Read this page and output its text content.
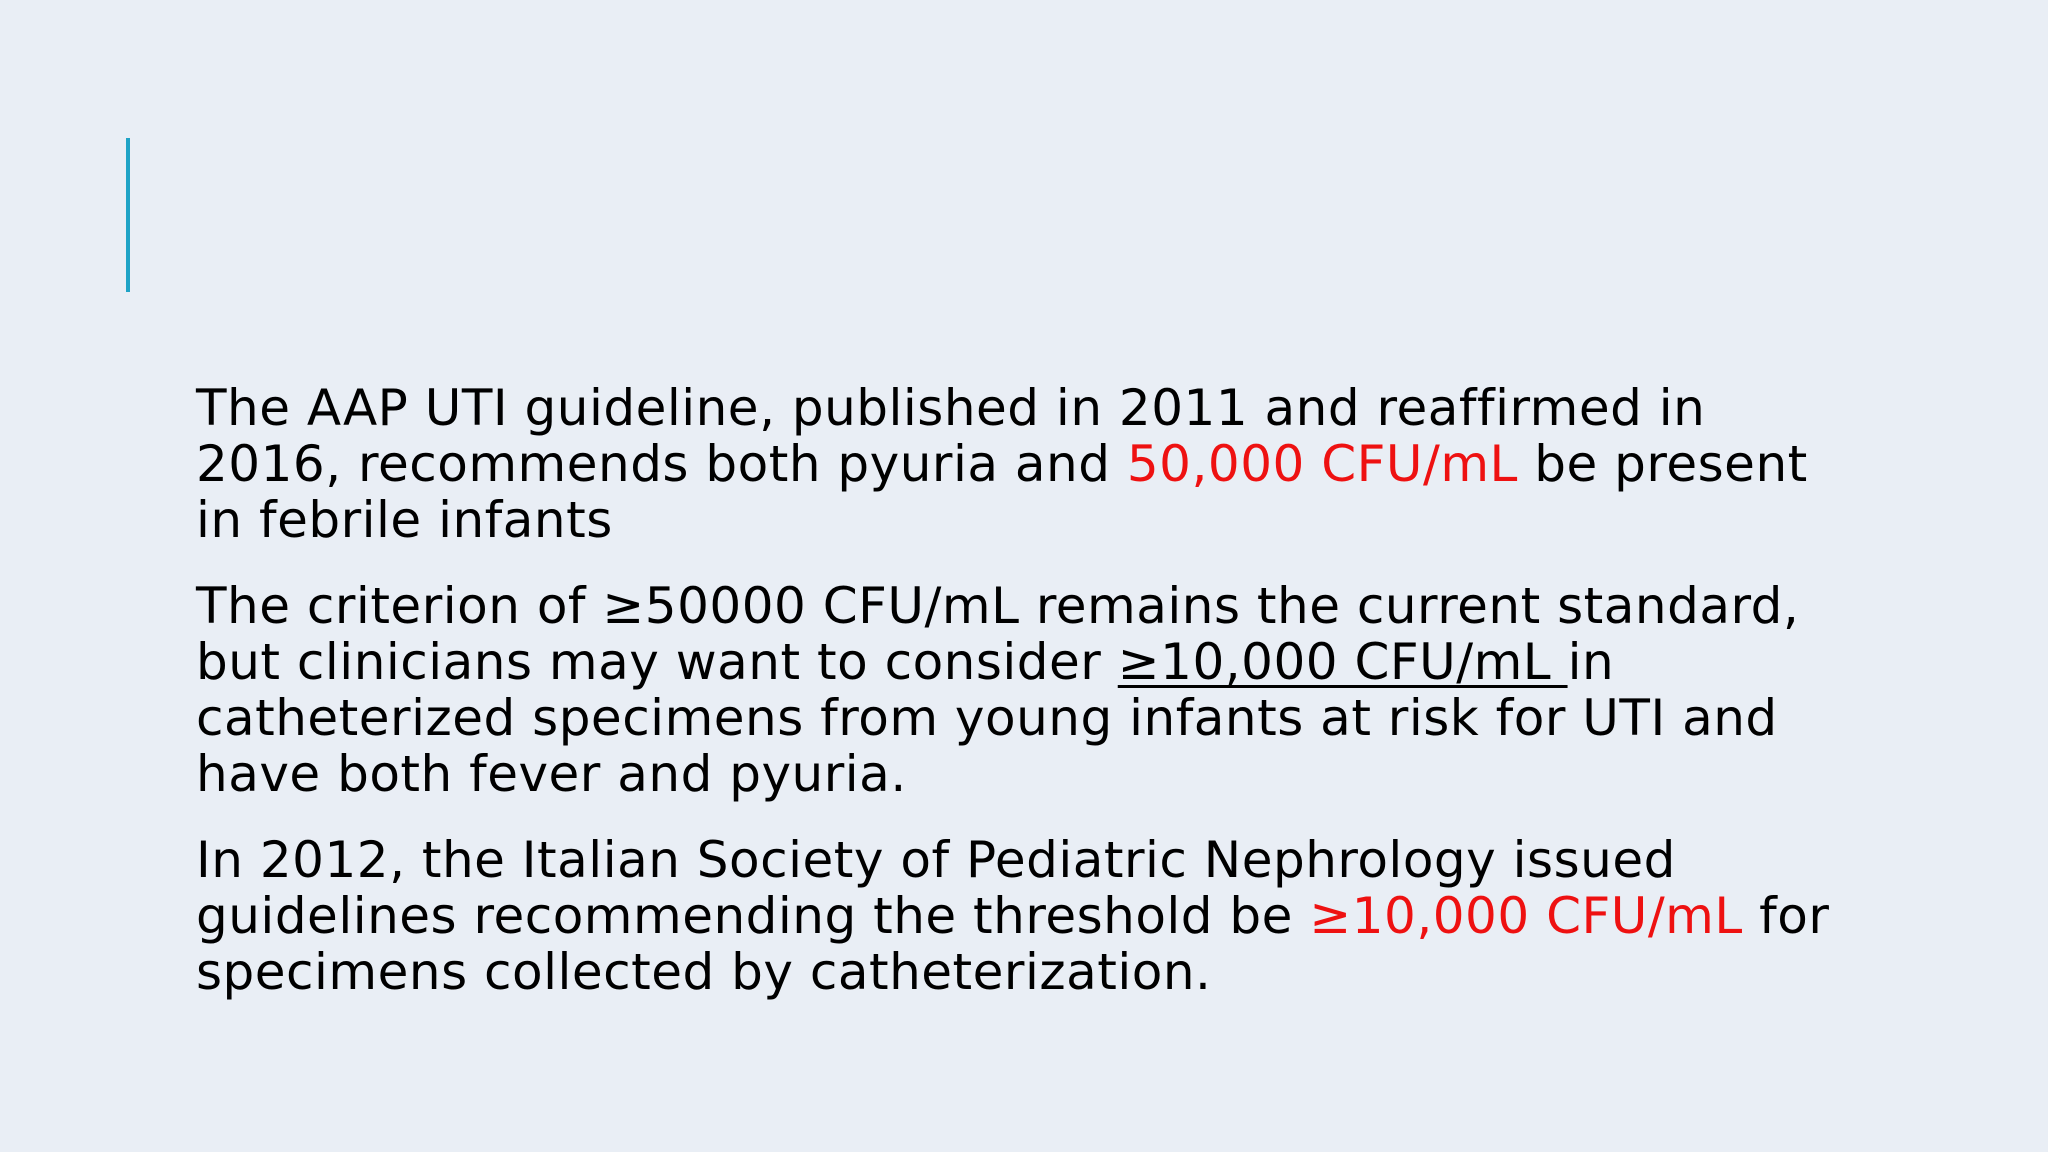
The AAP UTI guideline, published in 2011 and reaffirmed in 2016, recommends both pyuria and 50,000 CFU/mL be present in febrile infants

The criterion of ≥50000 CFU/mL remains the current standard, but clinicians may want to consider ≥10,000 CFU/mL in catheterized specimens from young infants at risk for UTI and have both fever and pyuria.

In 2012, the Italian Society of Pediatric Nephrology issued guidelines recommending the threshold be ≥10,000 CFU/mL for specimens collected by catheterization.
